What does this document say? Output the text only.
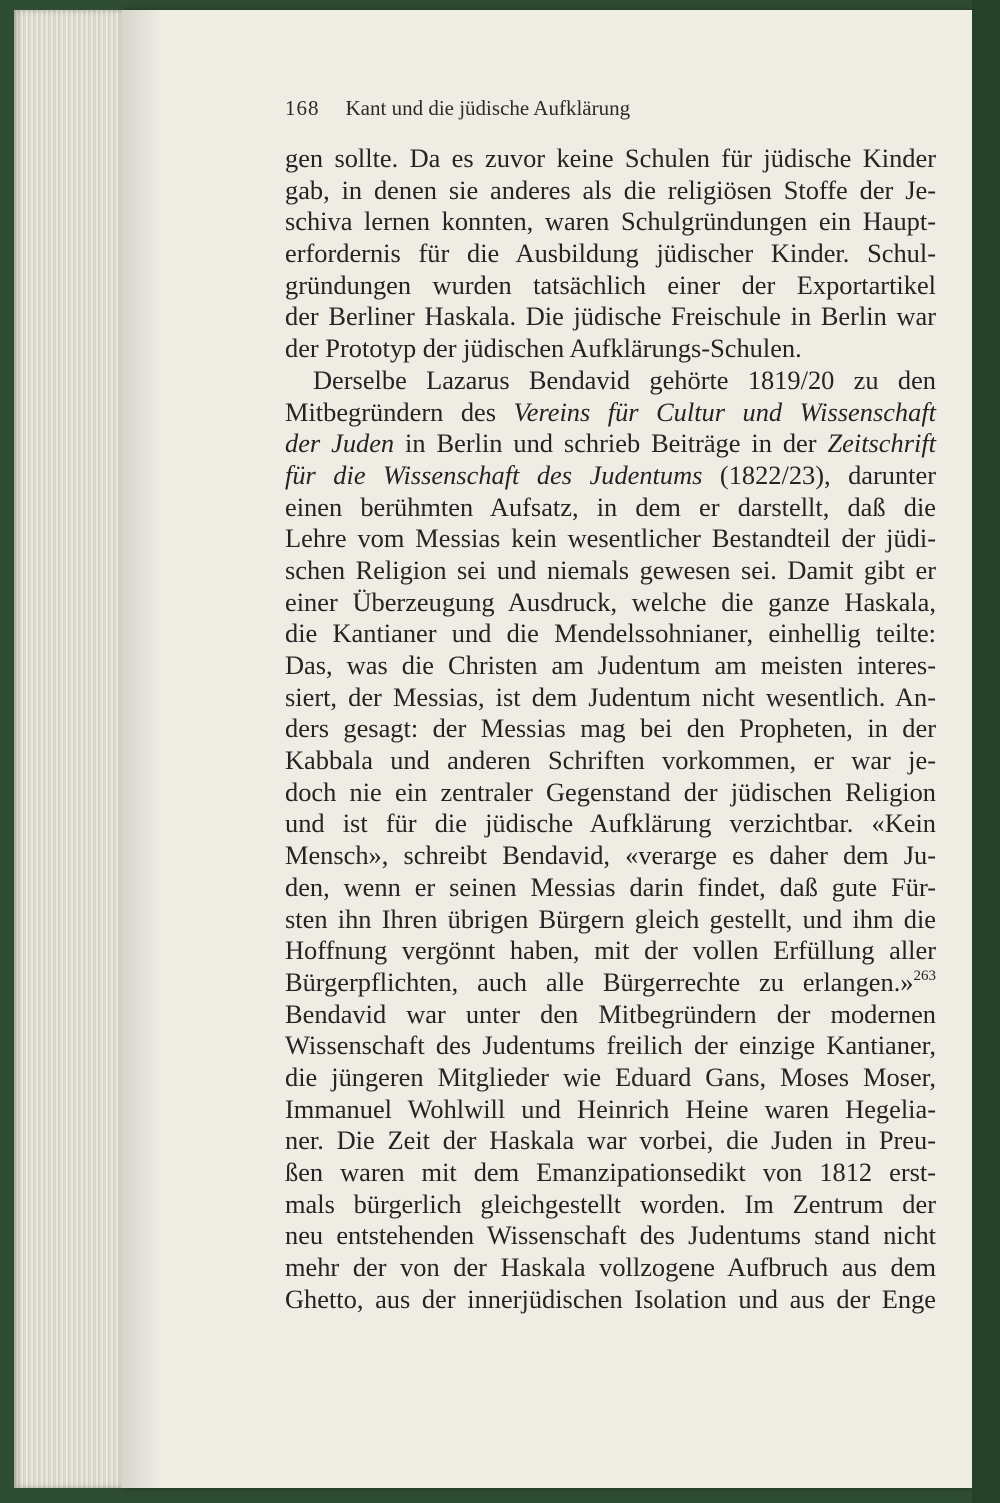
168 Kant und die jüdische Aufklärung
gen sollte. Da es zuvor keine Schulen für jüdische Kinder
gab, in denen sie anderes als die religiösen Stoffe der Je-
schiva lernen konnten, waren Schulgründungen ein Haupt-
erfordernis für die Ausbildung jüdischer Kinder. Schul-
gründungen wurden tatsächlich einer der Exportartikel
der Berliner Haskala. Die jüdische Freischule in Berlin war
der Prototyp der jüdischen Aufklärungs-Schulen.
Derselbe Lazarus Bendavid gehörte 1819/20 zu den
Mitbegründern des Vereins für Cultur und Wissenschaft
der Juden in Berlin und schrieb Beiträge in der Zeitschrift
für die Wissenschaft des Judentums (1822/23), darunter
einen berühmten Aufsatz, in dem er darstellt, daß die
Lehre vom Messias kein wesentlicher Bestandteil der jüdi-
schen Religion sei und niemals gewesen sei. Damit gibt er
einer Überzeugung Ausdruck, welche die ganze Haskala,
die Kantianer und die Mendelssohnianer, einhellig teilte:
Das, was die Christen am Judentum am meisten interes-
siert, der Messias, ist dem Judentum nicht wesentlich. An-
ders gesagt: der Messias mag bei den Propheten, in der
Kabbala und anderen Schriften vorkommen, er war je-
doch nie ein zentraler Gegenstand der jüdischen Religion
und ist für die jüdische Aufklärung verzichtbar. «Kein
Mensch», schreibt Bendavid, «verarge es daher dem Ju-
den, wenn er seinen Messias darin findet, daß gute Für-
sten ihn Ihren übrigen Bürgern gleich gestellt, und ihm die
Hoffnung vergönnt haben, mit der vollen Erfüllung aller
Bürgerpflichten, auch alle Bürgerrechte zu erlangen.»$^{263}$
Bendavid war unter den Mitbegründern der modernen
Wissenschaft des Judentums freilich der einzige Kantianer,
die jüngeren Mitglieder wie Eduard Gans, Moses Moser,
Immanuel Wohlwill und Heinrich Heine waren Hegelia-
ner. Die Zeit der Haskala war vorbei, die Juden in Preu-
ßen waren mit dem Emanzipationsedikt von 1812 erst-
mals bürgerlich gleichgestellt worden. Im Zentrum der
neu entstehenden Wissenschaft des Judentums stand nicht
mehr der von der Haskala vollzogene Aufbruch aus dem
Ghetto, aus der innerjüdischen Isolation und aus der Enge
